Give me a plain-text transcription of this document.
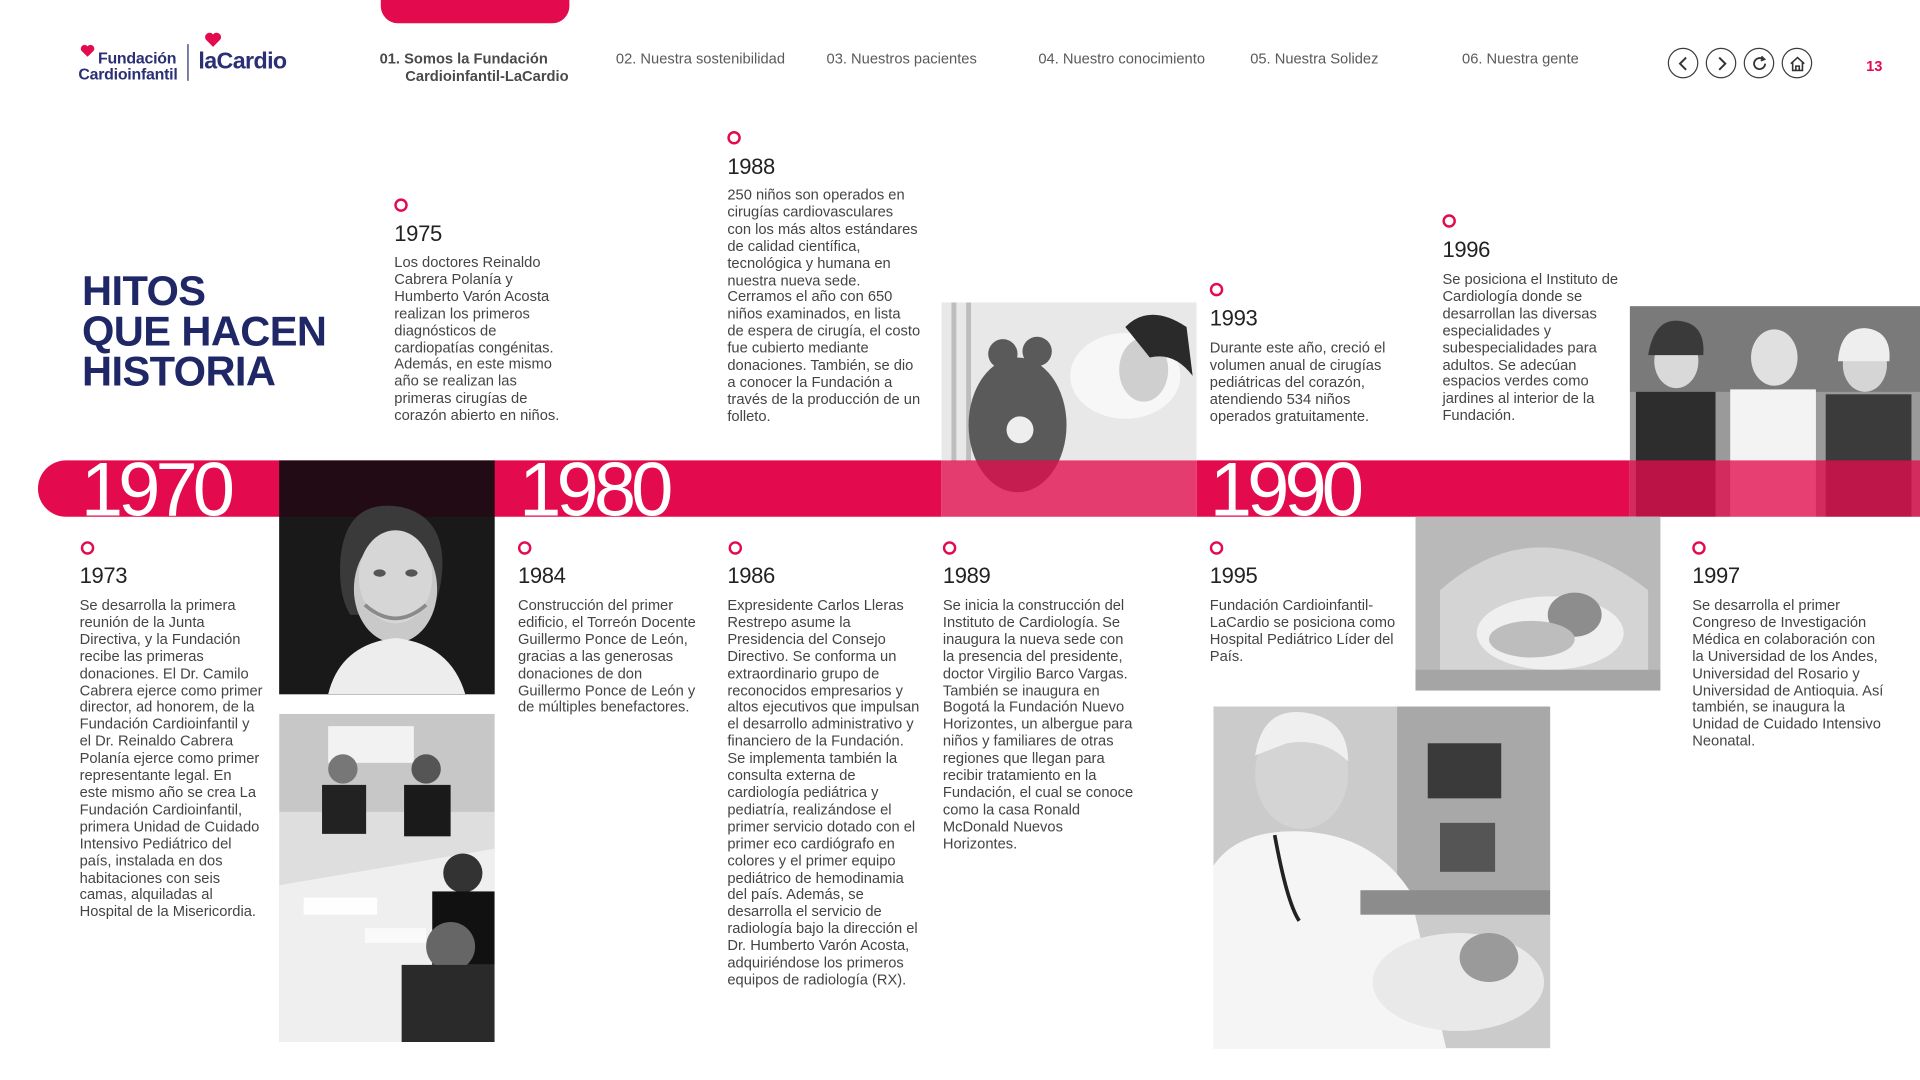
Fundación
Cardioinfantil laCardio	01. Somos la Fundación
Cardioinfantil-LaCardio
02. Nuestra sostenibilidad	03. Nuestros pacientes	04. Nuestro conocimiento	05. Nuestra Solidez	06. Nuestra gente	13
HITOS
QUE HACEN
HISTORIA
1970	1980	1990
1975
Los doctores Reinaldo Cabrera Polanía y Humberto Varón Acosta realizan los primeros diagnósticos de cardiopatías congénitas. Además, en este mismo año se realizan las primeras cirugías de corazón abierto en niños.
1988
250 niños son operados en cirugías cardiovasculares con los más altos estándares de calidad científica, tecnológica y humana en nuestra nueva sede. Cerramos el año con 650 niños examinados, en lista de espera de cirugía, el costo fue cubierto mediante donaciones. También, se dio a conocer la Fundación a través de la producción de un folleto.
1993
Durante este año, creció el volumen anual de cirugías pediátricas del corazón, atendiendo 534 niños operados gratuitamente.
1996
Se posiciona el Instituto de Cardiología donde se desarrollan las diversas especialidades y subespecialidades para adultos. Se adecúan espacios verdes como jardines al interior de la Fundación.
1973
Se desarrolla la primera reunión de la Junta Directiva, y la Fundación recibe las primeras donaciones. El Dr. Camilo Cabrera ejerce como primer director, ad honorem, de la Fundación Cardioinfantil y el Dr. Reinaldo Cabrera Polanía ejerce como primer representante legal. En este mismo año se crea La Fundación Cardioinfantil, primera Unidad de Cuidado Intensivo Pediátrico del país, instalada en dos habitaciones con seis camas, alquiladas al Hospital de la Misericordia.
1984
Construcción del primer edificio, el Torreón Docente Guillermo Ponce de León, gracias a las generosas donaciones de don Guillermo Ponce de León y de múltiples benefactores.
1986
Expresidente Carlos Lleras Restrepo asume la Presidencia del Consejo Directivo. Se conforma un extraordinario grupo de reconocidos empresarios y altos ejecutivos que impulsan el desarrollo administrativo y financiero de la Fundación. Se implementa también la consulta externa de cardiología pediátrica y pediatría, realizándose el primer servicio dotado con el primer eco cardiógrafo en colores y el primer equipo pediátrico de hemodinamia del país. Además, se desarrolla el servicio de radiología bajo la dirección el Dr. Humberto Varón Acosta, adquiriéndose los primeros equipos de radiología (RX).
1989
Se inicia la construcción del Instituto de Cardiología. Se inaugura la nueva sede con la presencia del presidente, doctor Virgilio Barco Vargas. También se inaugura en Bogotá la Fundación Nuevo Horizontes, un albergue para niños y familiares de otras regiones que llegan para recibir tratamiento en la Fundación, el cual se conoce como la casa Ronald McDonald Nuevos Horizontes.
1995
Fundación Cardioinfantil-LaCardio se posiciona como Hospital Pediátrico Líder del País.
1997
Se desarrolla el primer Congreso de Investigación Médica en colaboración con la Universidad de los Andes, Universidad del Rosario y Universidad de Antioquia. Así también, se inaugura la Unidad de Cuidado Intensivo Neonatal.
